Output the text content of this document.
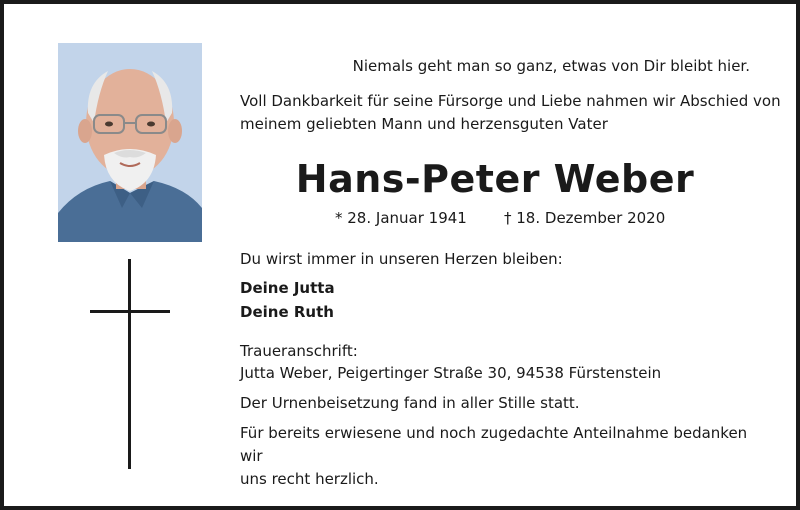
Niemals geht man so ganz, etwas von Dir bleibt hier.
Voll Dankbarkeit für seine Fürsorge und Liebe nahmen wir Abschied von
meinem geliebten Mann und herzensguten Vater
Hans-Peter Weber
* 28. Januar 1941 † 18. Dezember 2020
Du wirst immer in unseren Herzen bleiben:
Deine Jutta
Deine Ruth
Traueranschrift:
Jutta Weber, Peigertinger Straße 30, 94538 Fürstenstein
Der Urnenbeisetzung fand in aller Stille statt.
Für bereits erwiesene und noch zugedachte Anteilnahme bedanken wir
uns recht herzlich.
